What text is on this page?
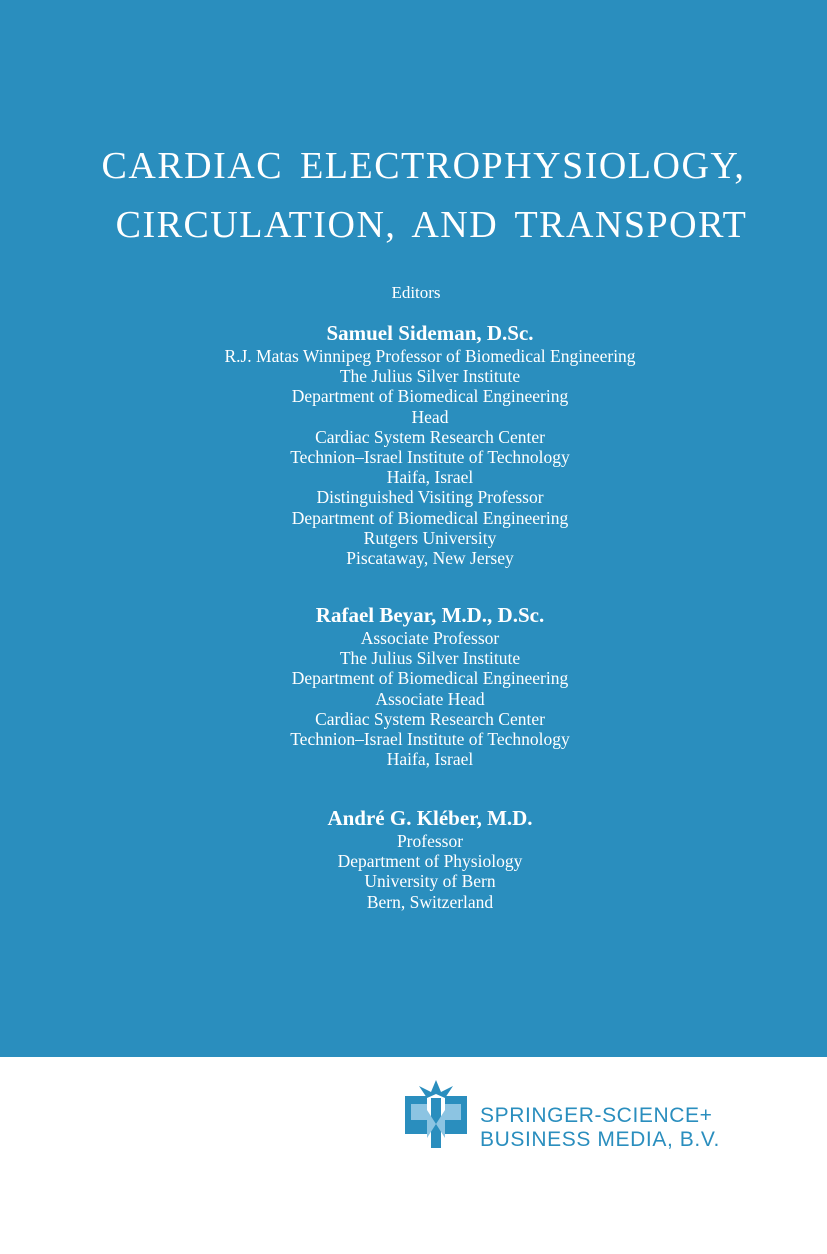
CARDIAC ELECTROPHYSIOLOGY,
CIRCULATION, AND TRANSPORT
Editors

Samuel Sideman, D.Sc.

R.J. Matas Winnipeg Professor of Biomedical Engineering

The Julius Silver Institute

Department of Biomedical Engineering

Head

Cardiac System Research Center

Technion–Israel Institute of Technology

Haifa, Israel

Distinguished Visiting Professor

Department of Biomedical Engineering

Rutgers University

Piscataway, New Jersey

Rafael Beyar, M.D., D.Sc.

Associate Professor

The Julius Silver Institute

Department of Biomedical Engineering

Associate Head

Cardiac System Research Center

Technion–Israel Institute of Technology

Haifa, Israel

André G. Kléber, M.D.

Professor

Department of Physiology

University of Bern

Bern, Switzerland

SPRINGER-SCIENCE+
BUSINESS MEDIA, B.V.
